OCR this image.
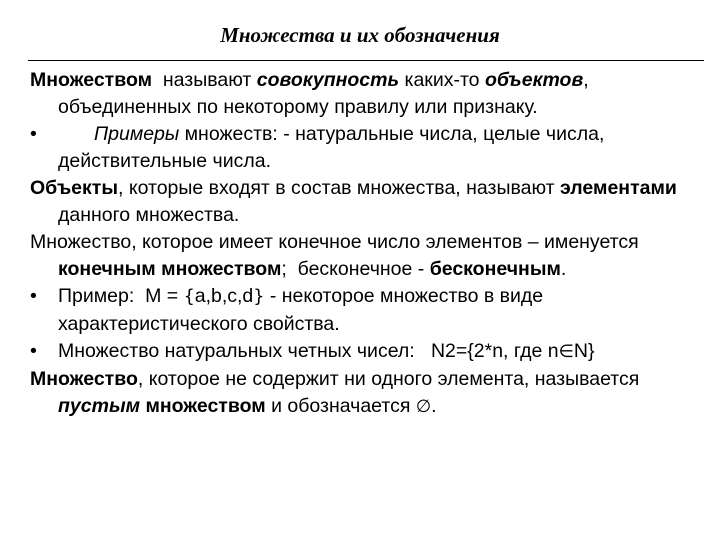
Множества и их обозначения

Множеством  называют совокупность каких-то объектов, объединенных по некоторому правилу или признаку.

•	Примеры множеств: - натуральные числа, целые числа, действительные числа.

Объекты, которые входят в состав множества, называют элементами данного множества.

Множество, которое имеет конечное число элементов – именуется конечным множеством;  бесконечное - бесконечным.

• Пример:  M = {a,b,c,d} - некоторое множество в виде характеристического свойства.

• Множество натуральных четных чисел:   N2={2*n, где n∈N}

Множество, которое не содержит ни одного элемента, называется пустым множеством и обозначается ∅.
